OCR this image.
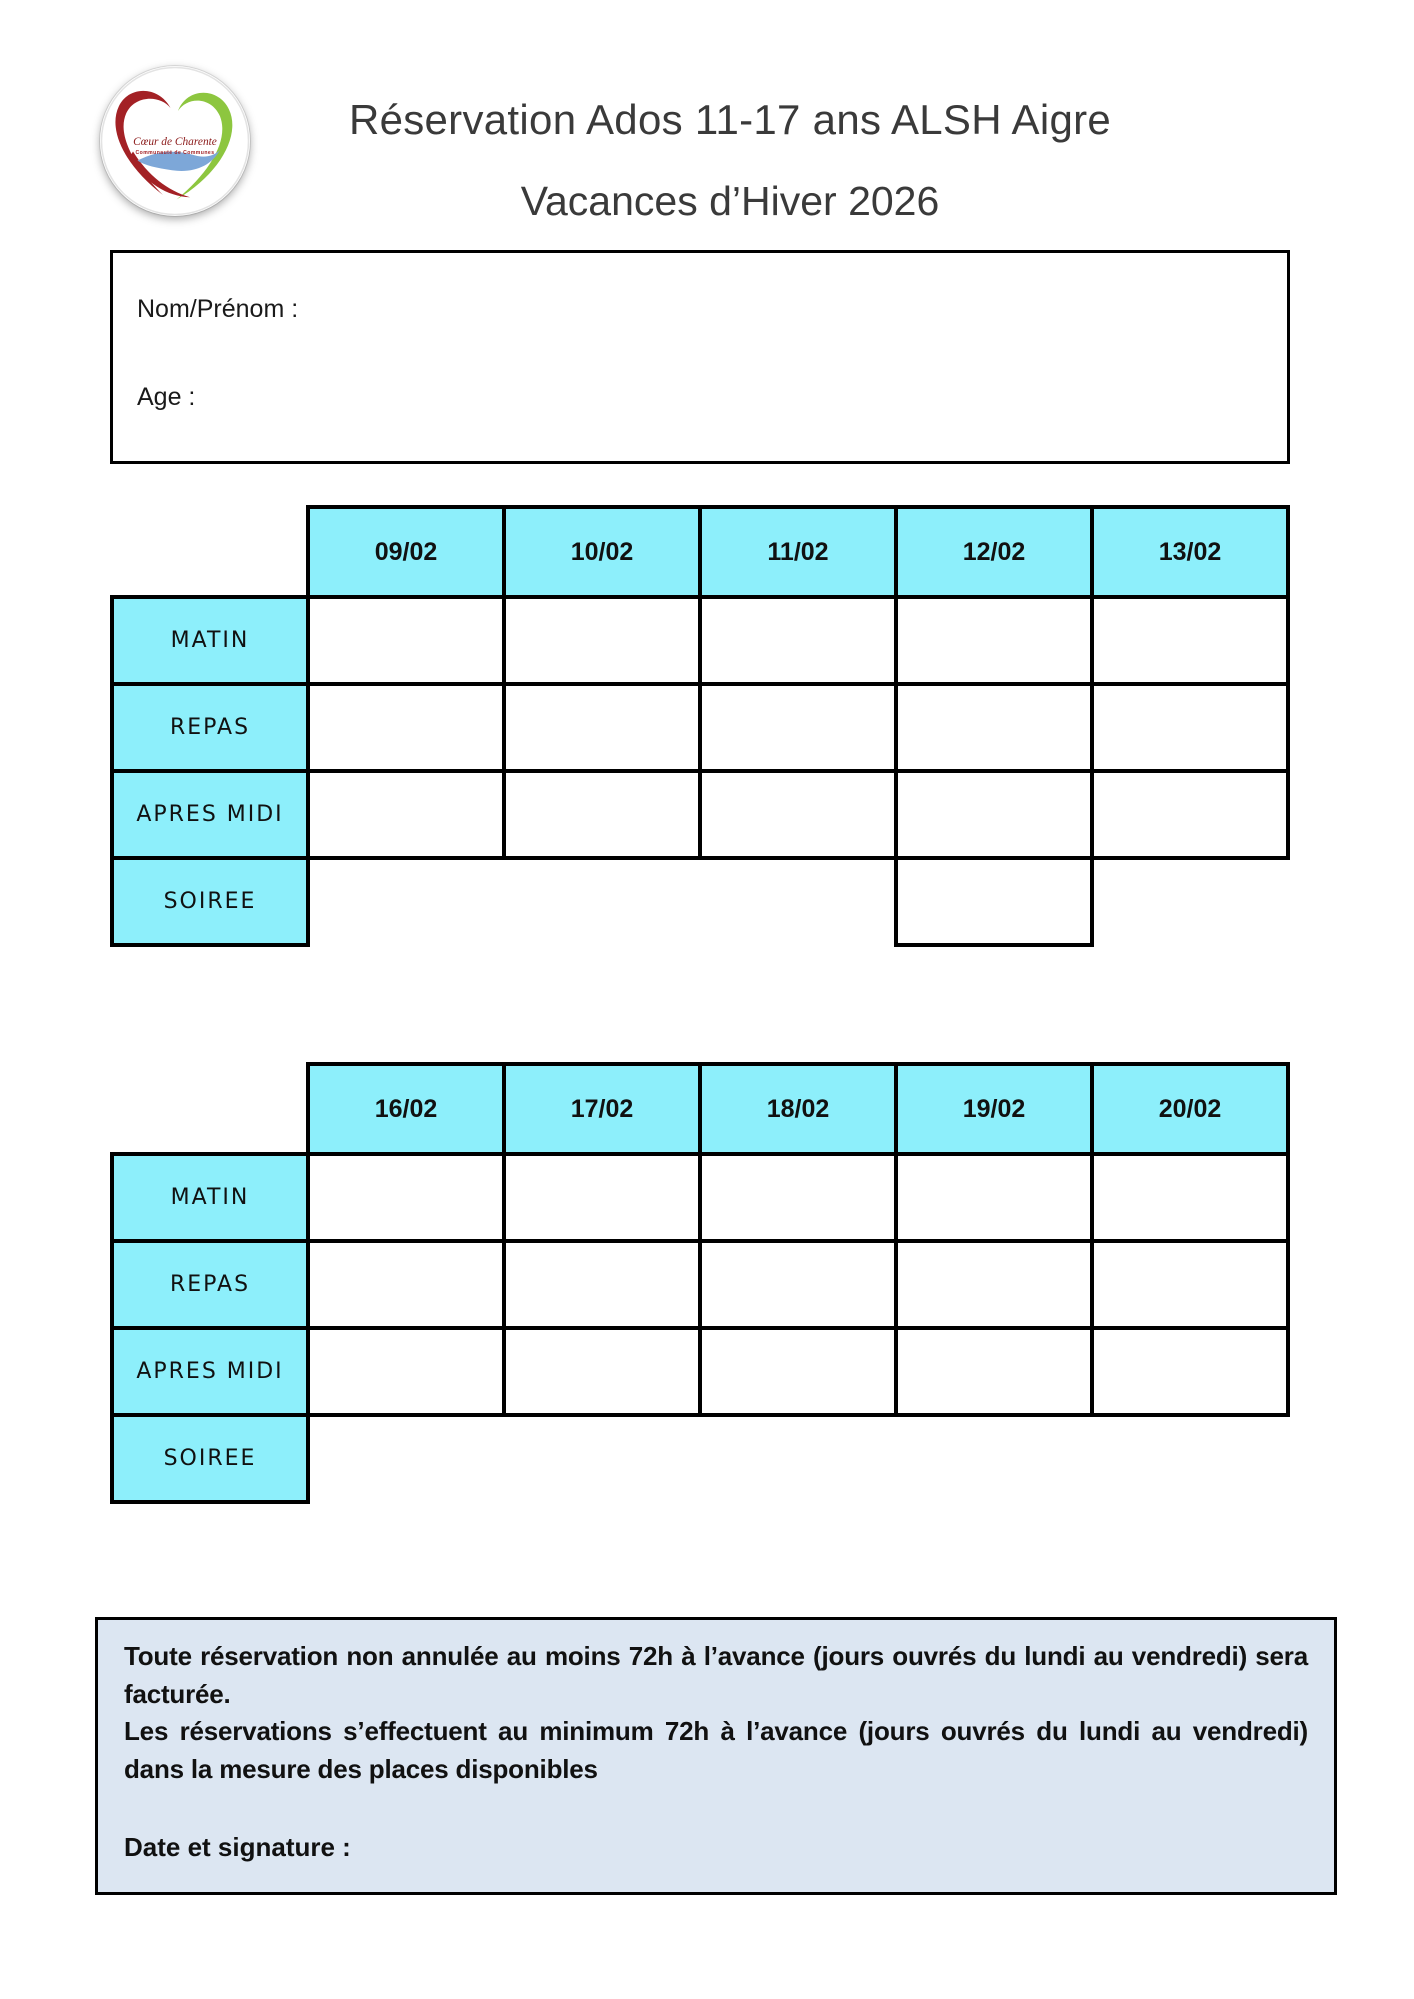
Cœur de Charente
Communauté de Communes
Réservation Ados 11-17 ans ALSH Aigre
Vacances d’Hiver 2026
Nom/Prénom :
Age :
	09/02	10/02	11/02	12/02	13/02
MATIN					
REPAS					
APRES MIDI					
SOIREE					
	16/02	17/02	18/02	19/02	20/02
MATIN					
REPAS					
APRES MIDI					
SOIREE					

Toute réservation non annulée au moins 72h à l’avance (jours ouvrés du lundi au vendredi) sera facturée.

Les réservations s’effectuent au minimum 72h à l’avance (jours ouvrés du lundi au vendredi) dans la mesure des places disponibles

Date et signature :
